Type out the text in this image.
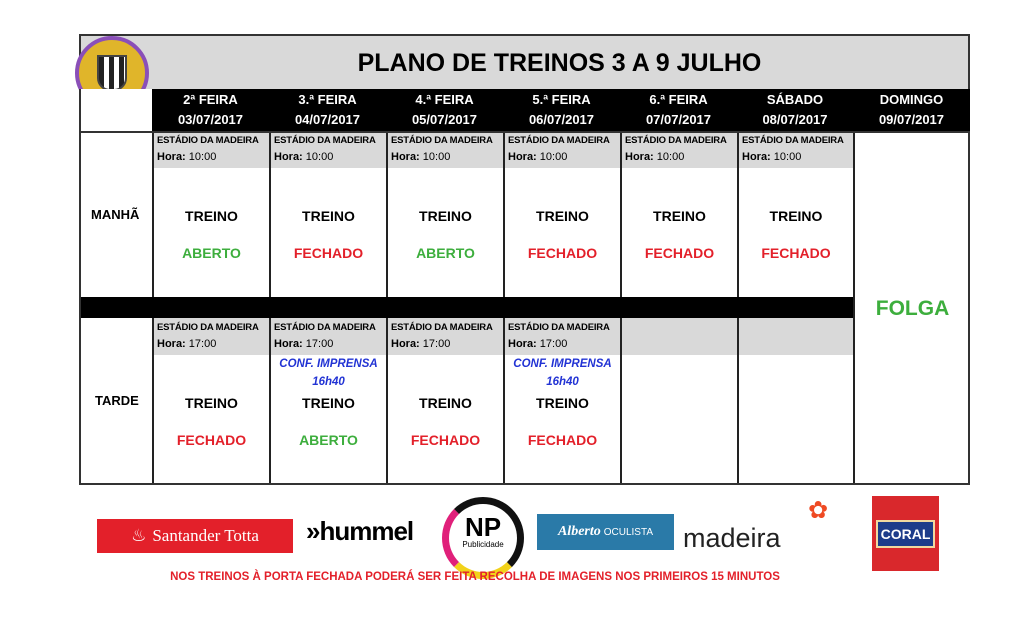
PLANO DE TREINOS 3 A 9 JULHO
2ª FEIRA
03/07/2017
3.ª FEIRA
04/07/2017
4.ª FEIRA
05/07/2017
5.ª FEIRA
06/07/2017
6.ª FEIRA
07/07/2017
SÁBADO
08/07/2017
DOMINGO
09/07/2017
MANHÃ
TARDE
ESTÁDIO DA MADEIRA
Hora: 10:00
TREINO
ABERTO
ESTÁDIO DA MADEIRA
Hora: 17:00
TREINO
FECHADO
ESTÁDIO DA MADEIRA
Hora: 10:00
TREINO
FECHADO
ESTÁDIO DA MADEIRA
Hora: 17:00
CONF. IMPRENSA
16h40
TREINO
ABERTO
ESTÁDIO DA MADEIRA
Hora: 10:00
TREINO
ABERTO
ESTÁDIO DA MADEIRA
Hora: 17:00
TREINO
FECHADO
ESTÁDIO DA MADEIRA
Hora: 10:00
TREINO
FECHADO
ESTÁDIO DA MADEIRA
Hora: 17:00
CONF. IMPRENSA
16h40
TREINO
FECHADO
ESTÁDIO DA MADEIRA
Hora: 10:00
TREINO
FECHADO
ESTÁDIO DA MADEIRA
Hora: 10:00
TREINO
FECHADO
FOLGA
♨ Santander Totta »hummel	NP
Publicidade
Alberto OCULISTA madeira
✿
CORAL
NOS TREINOS À PORTA FECHADA PODERÁ SER FEITA RECOLHA DE IMAGENS NOS PRIMEIROS 15 MINUTOS
